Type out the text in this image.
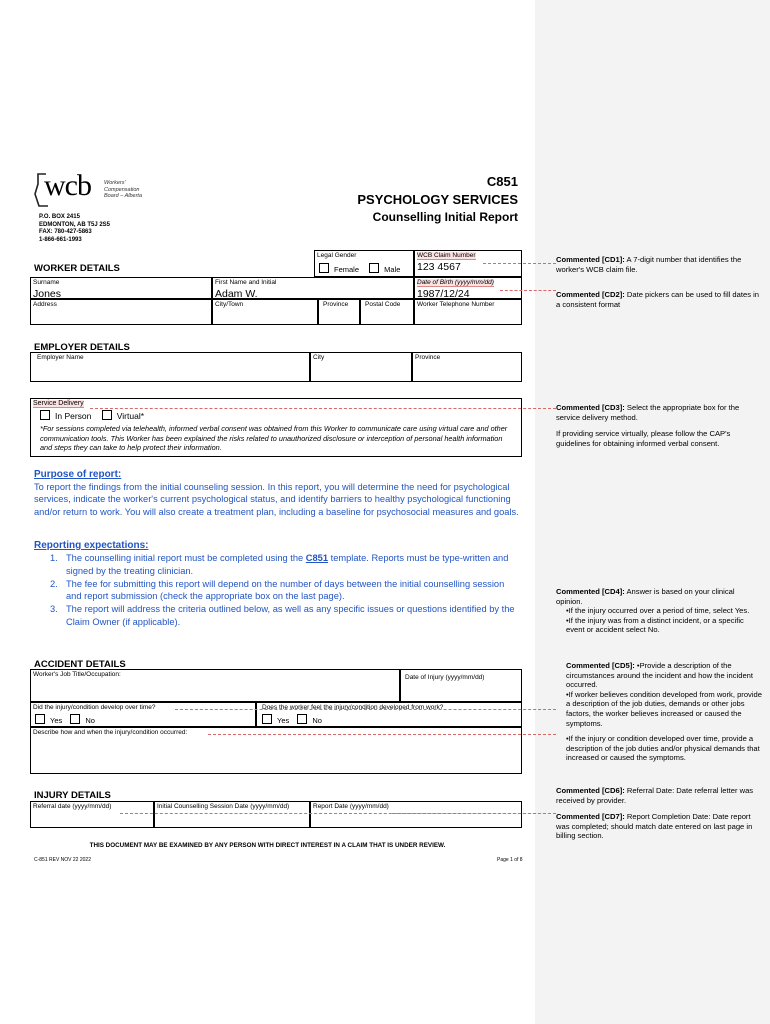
wcb Workers'
Compensation
Board – Alberta
P.O. BOX 2415
EDMONTON, AB T5J 2S5
FAX: 780-427-5863
1-866-661-1993
C851
PSYCHOLOGY SERVICES
Counselling Initial Report
WORKER DETAILS
Legal Gender
Female	Male
WCB Claim Number
123 4567
Surname
Jones
First Name and Initial
Adam W.
Date of Birth (yyyy/mm/dd)
1987/12/24
Address	City/Town	Province	Postal Code	Worker Telephone Number
EMPLOYER DETAILS
Employer Name	City	Province
Service Delivery
In Person	Virtual*
*For sessions completed via telehealth, informed verbal consent was obtained from this Worker to communicate care using virtual care and other communication tools. This Worker has been explained the risks related to unauthorized disclosure or interception of personal health information and steps they can take to help protect their information.
Purpose of report:
To report the findings from the initial counseling session. In this report, you will determine the need for psychological services, indicate the worker's current psychological status, and identify barriers to healthy psychological functioning and/or return to work. You will also create a treatment plan, including a baseline for psychosocial measures and goals.
Reporting expectations:
1. The counselling initial report must be completed using the C851 template. Reports must be type-written and signed by the treating clinician.
2. The fee for submitting this report will depend on the number of days between the initial counselling session and report submission (check the appropriate box on the last page).
3. The report will address the criteria outlined below, as well as any specific issues or questions identified by the Claim Owner (if applicable).
ACCIDENT DETAILS
Worker's Job Title/Occupation:	Date of Injury (yyyy/mm/dd)
Did the injury/condition develop over time?
Yes	No
Does the worker feel the injury/condition developed from work?
Yes	No
Describe how and when the injury/condition occurred:
INJURY DETAILS
Referral date (yyyy/mm/dd)	Initial Counselling Session Date (yyyy/mm/dd)	Report Date (yyyy/mm/dd)
THIS DOCUMENT MAY BE EXAMINED BY ANY PERSON WITH DIRECT INTEREST IN A CLAIM THAT IS UNDER REVIEW.
C-851 REV NOV 22 2022	Page 1 of 8
Commented [CD1]: A 7-digit number that identifies the worker's WCB claim file.
Commented [CD2]: Date pickers can be used to fill dates in a consistent format
Commented [CD3]: Select the appropriate box for the service delivery method.
If providing service virtually, please follow the CAP's guidelines for obtaining informed verbal consent.
Commented [CD4]: Answer is based on your clinical opinion.
•If the injury occurred over a period of time, select Yes.
•If the injury was from a distinct incident, or a specific event or accident select No.
Commented [CD5]: •Provide a description of the circumstances around the incident and how the incident occurred.
•If worker believes condition developed from work, provide a description of the job duties, demands or other jobs factors, the worker believes increased or caused the symptoms.
•If the injury or condition developed over time, provide a description of the job duties and/or physical demands that increased or caused the symptoms.
Commented [CD6]: Referral Date: Date referral letter was received by provider.
Commented [CD7]: Report Completion Date: Date report was completed; should match date entered on last page in billing section.
